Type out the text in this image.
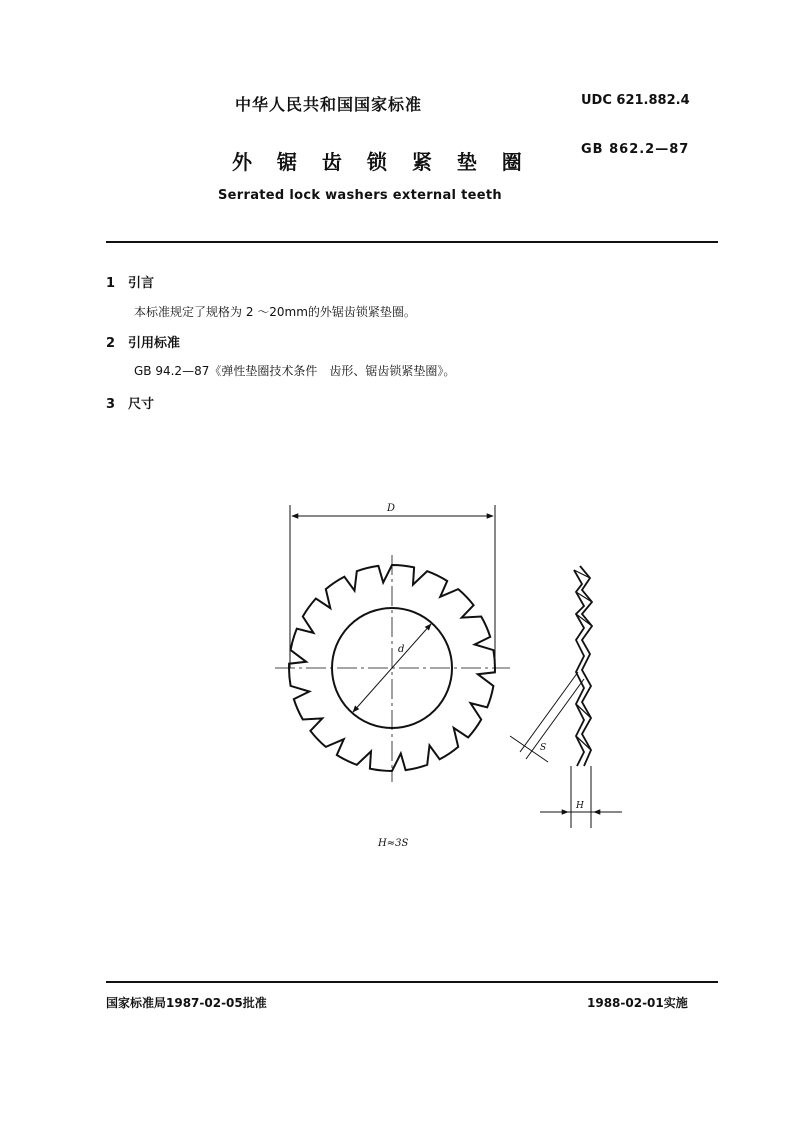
中华人民共和国国家标准	UDC 621.882.4
外 锯 齿 锁 紧 垫 圈
GB 862.2—87
Serrated lock washers external teeth
1 引言
本标准规定了规格为 2 ～20mm的外锯齿锁紧垫圈。
2 引用标准
GB 94.2—87《弹性垫圈技术条件　齿形、锯齿锁紧垫圈》。
3 尺寸
D
d
S
H
H≈3S
国家标准局1987-02-05批准	1988-02-01实施
